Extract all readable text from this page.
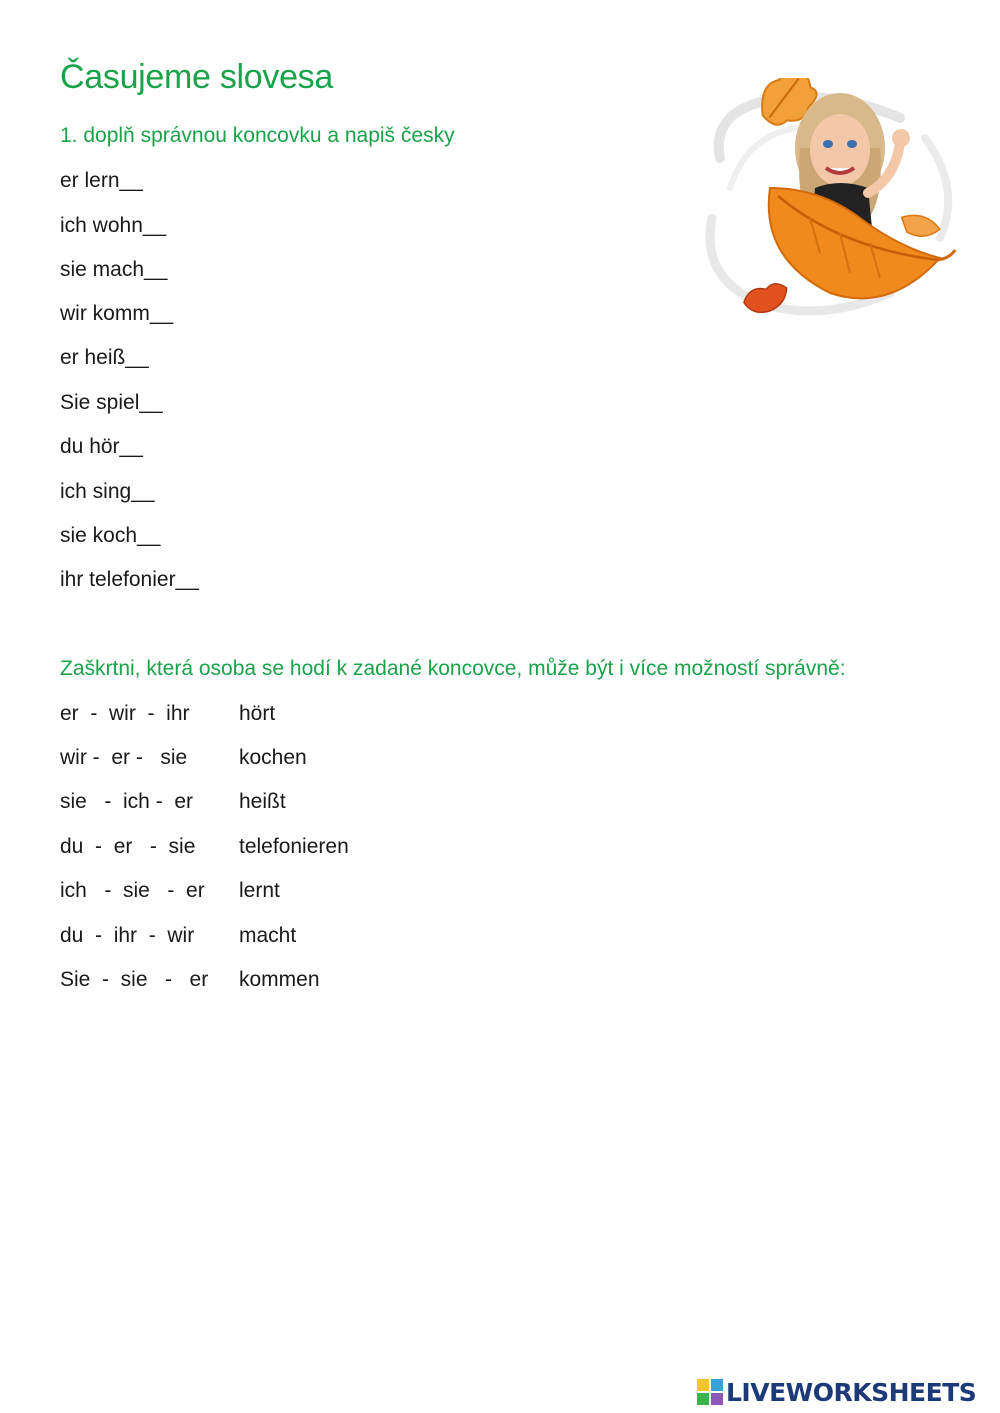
Časujeme slovesa
1. doplň správnou koncovku a napiš česky
er lern__
ich wohn__
sie mach__
wir komm__
er heiß__
Sie spiel__
du hör__
ich sing__
sie koch__
ihr telefonier__
Zaškrtni, která osoba se hodí k zadané koncovce, může být i více možností správně:
er  -  wir  -  ihr hört
wir -  er -   sie kochen
sie   -  ich -  er heißt
du  -  er   -  sie telefonieren
ich   -  sie   -  er lernt
du  -  ihr  -  wir macht
Sie  -  sie   -   er kommen
LIVEWORKSHEETS
